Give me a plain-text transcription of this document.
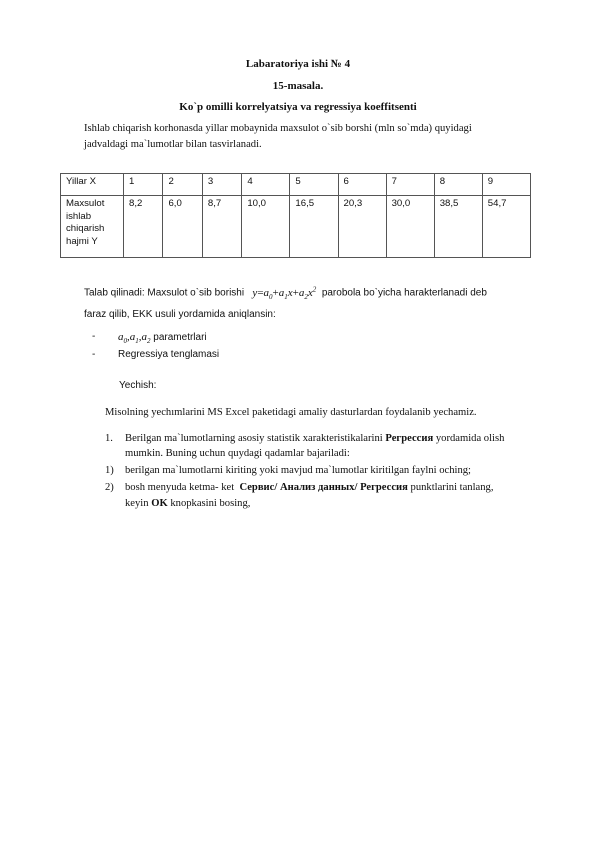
Labaratoriya ishi № 4
15-masala.
Ko`p omilli korrelyatsiya va regressiya koeffitsenti
Ishlab chiqarish korhonasda yillar mobaynida maxsulot o`sib borshi (mln so`mda) quyidagi
jadvaldagi ma`lumotlar bilan tasvirlanadi.
Yillar X	1	2	3	4	5	6	7	8	9

Maxsulot
ishlab
chiqarish
hajmi Y	8,2	6,0	8,7	10,0	16,5	20,3	30,0	38,5	54,7
Talab qilinadi: Maxsulot o`sib borishi $y=a_0+a_1x+a_2x^2$ parobola bo`yicha harakterlanadi deb
faraz qilib, EKK usuli yordamida aniqlansin:
- $a_0,a_1,a_2$ parametrlari
- Regressiya tenglamasi
Yechish:
Misolning yechımlarini MS Excel paketidagi amaliy dasturlardan foydalanib yechamiz.
1. Berilgan ma`lumotlarning asosiy statistik xarakteristikalarini Регрессия yordamida olish
mumkin. Buning uchun quydagi qadamlar bajariladi:
1) berilgan ma`lumotlarni kiriting yoki mavjud ma`lumotlar kiritilgan faylni oching;
2) bosh menyuda ketma- ket Сервис/ Анализ данных/ Регрессия punktlarini tanlang,
keyin OK knopkasini bosing,
